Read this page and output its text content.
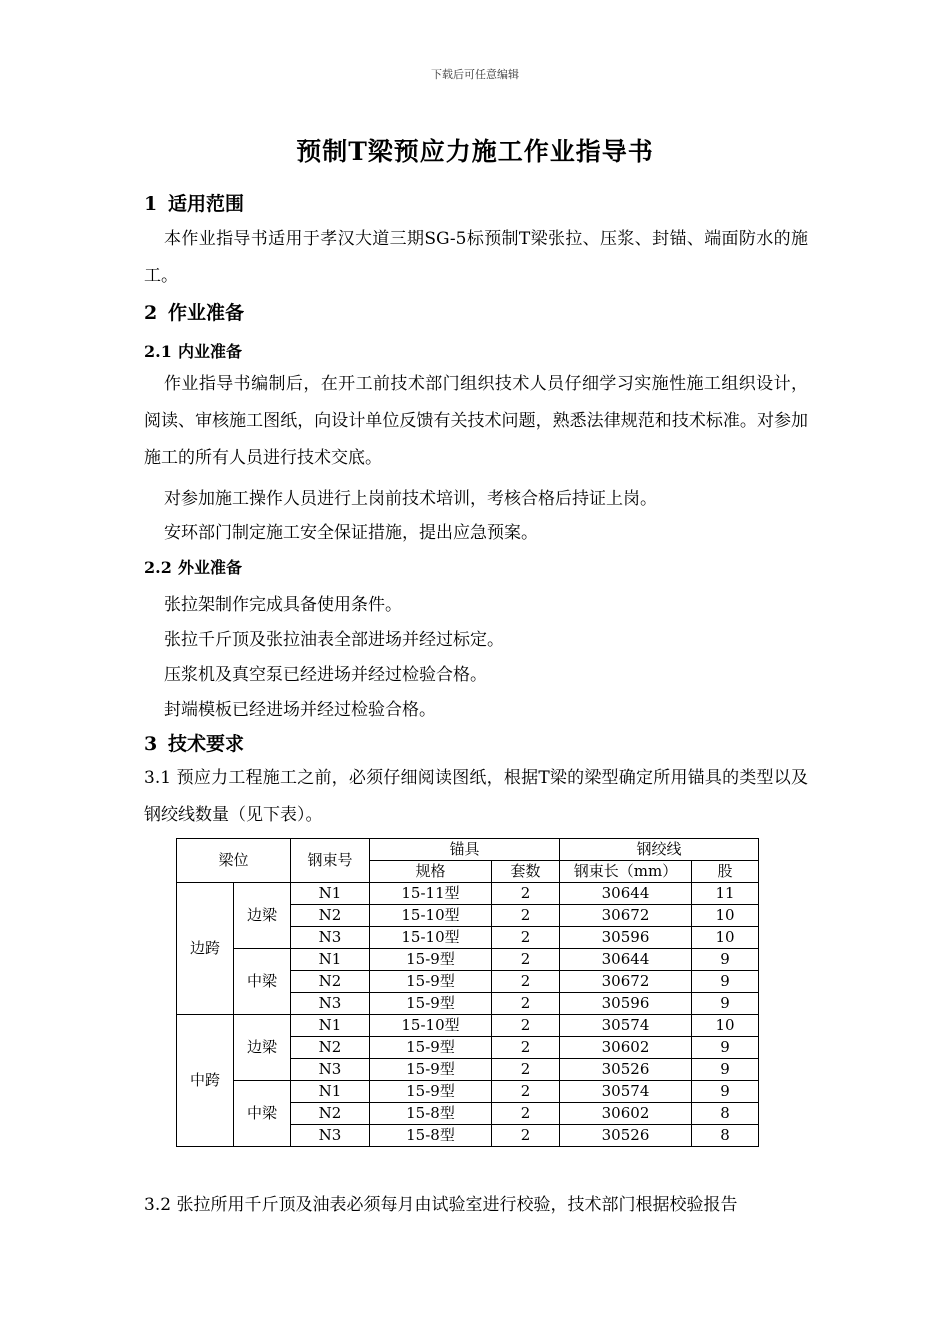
下载后可任意编辑
预制T梁预应力施工作业指导书
1 适用范围
本作业指导书适用于孝汉大道三期SG-5标预制T梁张拉、压浆、封锚、端面防水的施工。
2 作业准备
2.1 内业准备
作业指导书编制后，在开工前技术部门组织技术人员仔细学习实施性施工组织设计，阅读、审核施工图纸，向设计单位反馈有关技术问题，熟悉法律规范和技术标准。对参加施工的所有人员进行技术交底。
对参加施工操作人员进行上岗前技术培训，考核合格后持证上岗。
安环部门制定施工安全保证措施，提出应急预案。
2.2 外业准备
张拉架制作完成具备使用条件。
张拉千斤顶及张拉油表全部进场并经过标定。
压浆机及真空泵已经进场并经过检验合格。
封端模板已经进场并经过检验合格。
3 技术要求
3.1 预应力工程施工之前，必须仔细阅读图纸，根据T梁的梁型确定所用锚具的类型以及钢绞线数量（见下表）。
梁位		钢束号	锚具		钢绞线	
			规格	套数	钢束长（mm）	股
边跨	边梁	N1	15-11型	2	30644	11
		N2	15-10型	2	30672	10
		N3	15-10型	2	30596	10
	中梁	N1	15-9型	2	30644	9
		N2	15-9型	2	30672	9
		N3	15-9型	2	30596	9
中跨	边梁	N1	15-10型	2	30574	10
		N2	15-9型	2	30602	9
		N3	15-9型	2	30526	9
	中梁	N1	15-9型	2	30574	9
		N2	15-8型	2	30602	8
		N3	15-8型	2	30526	8
3.2 张拉所用千斤顶及油表必须每月由试验室进行校验，技术部门根据校验报告
